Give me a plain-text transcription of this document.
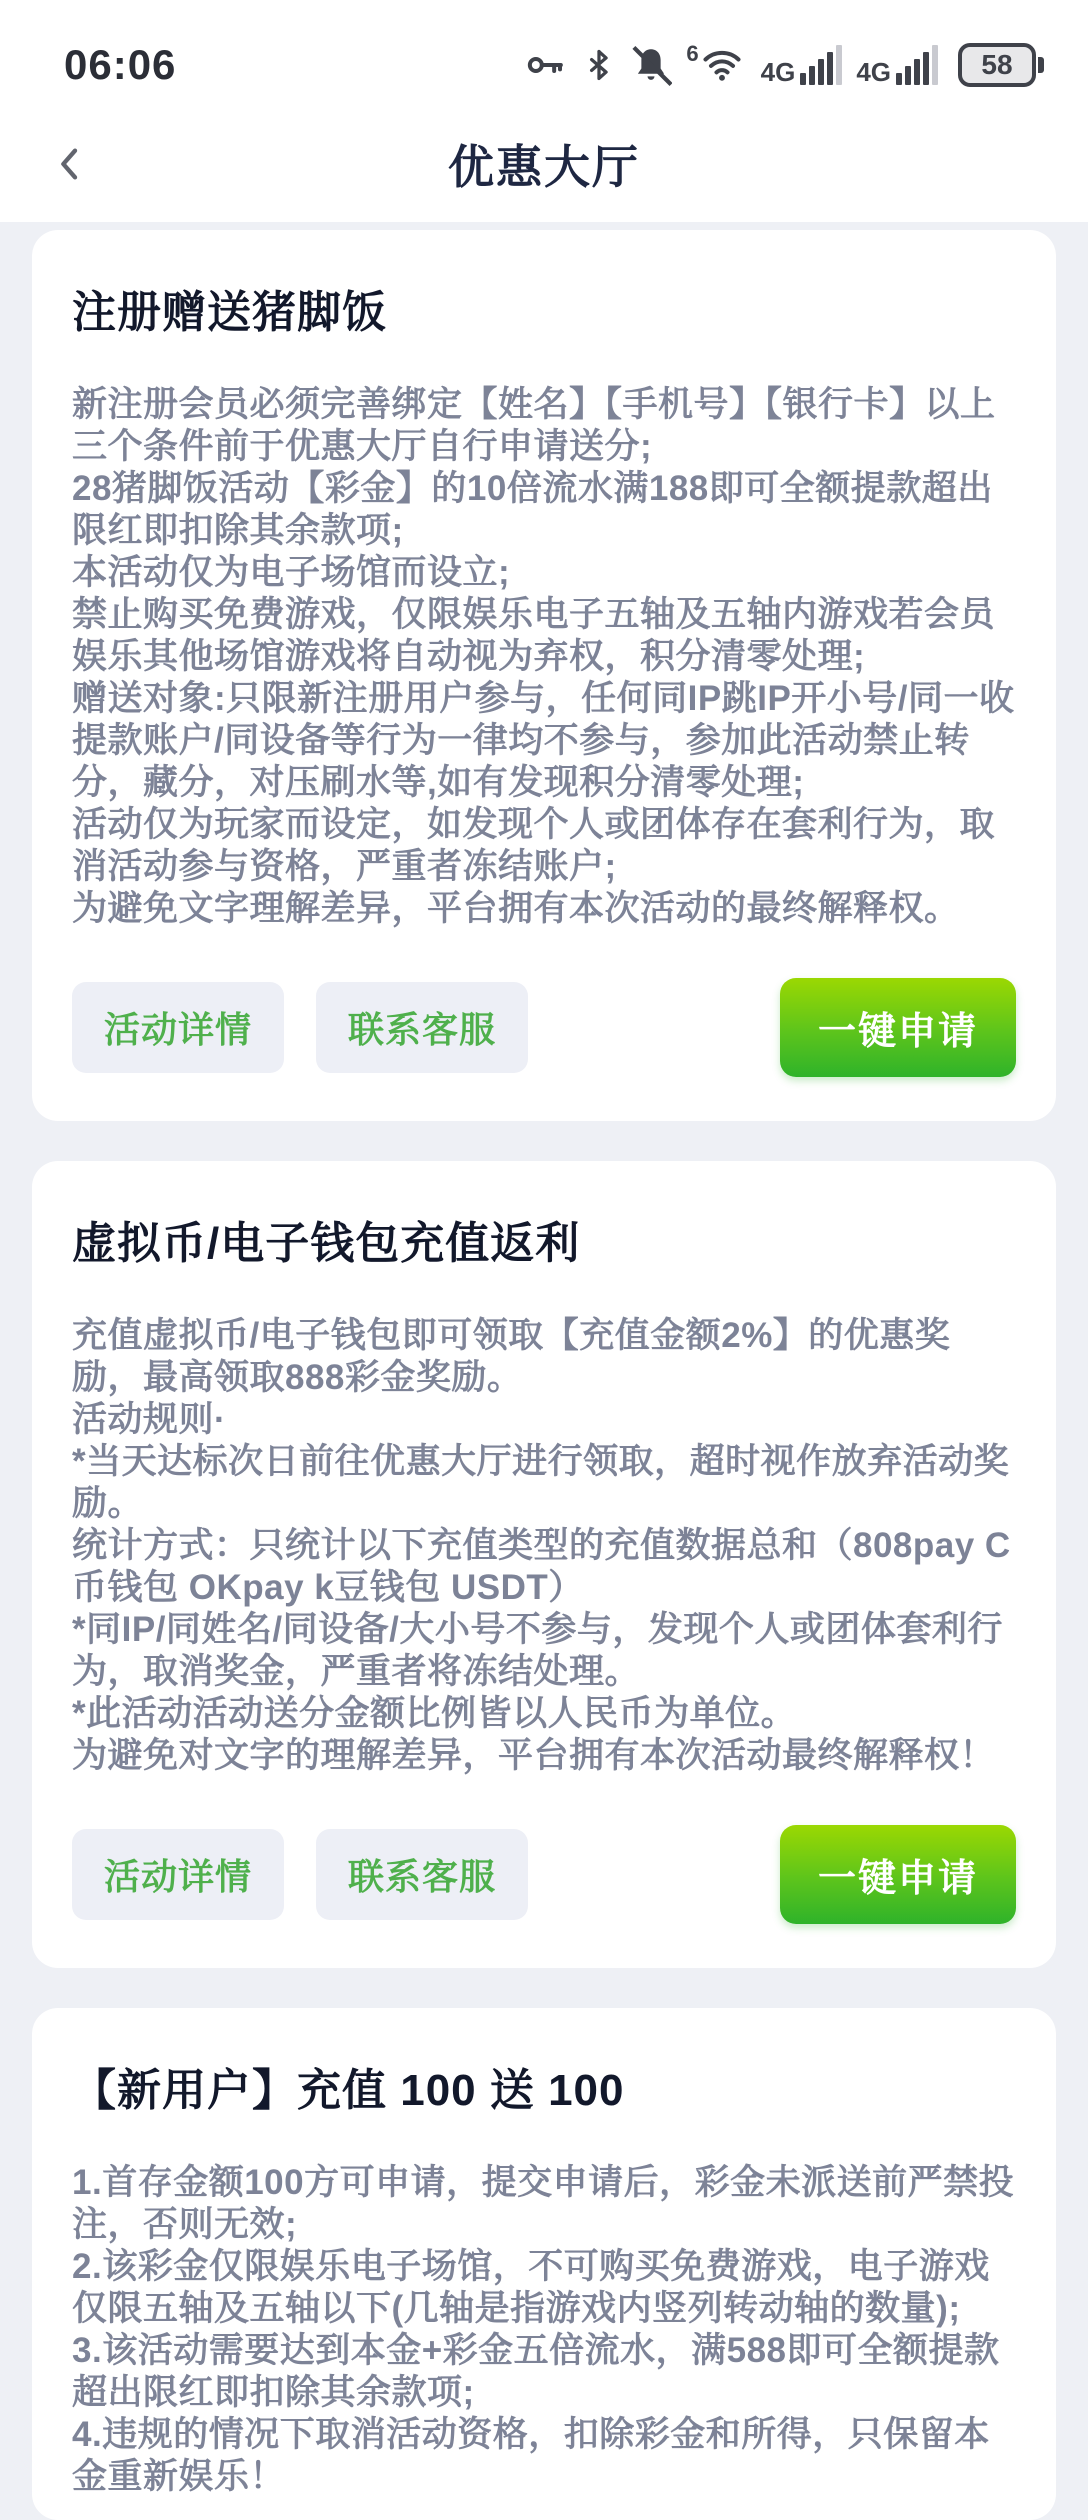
06:06	6
4G 4G	58
优惠大厅
注册赠送猪脚饭

新注册会员必须完善绑定【姓名】【手机号】【银行卡】以上三个条件前于优惠大厅自行申请送分;

28猪脚饭活动【彩金】的10倍流水满188即可全额提款超出限红即扣除其余款项;

本活动仅为电子场馆而设立;

禁止购买免费游戏，仅限娱乐电子五轴及五轴内游戏若会员娱乐其他场馆游戏将自动视为弃权，积分清零处理;

赠送对象:只限新注册用户参与，任何同IP跳IP开小号/同一收提款账户/同设备等行为一律均不参与，参加此活动禁止转分，藏分，对压刷水等,如有发现积分清零处理;

活动仅为玩家而设定，如发现个人或团体存在套利行为，取消活动参与资格，严重者冻结账户;

为避免文字理解差异，平台拥有本次活动的最终解释权。

活动详情	联系客服	一键申请
虚拟币/电子钱包充值返利

充值虚拟币/电子钱包即可领取【充值金额2%】的优惠奖励，最高领取888彩金奖励。

活动规则·

*当天达标次日前往优惠大厅进行领取，超时视作放弃活动奖励。

统计方式：只统计以下充值类型的充值数据总和（808pay C币钱包 OKpay k豆钱包 USDT）

*同IP/同姓名/同设备/大小号不参与，发现个人或团体套利行为，取消奖金，严重者将冻结处理。

*此活动活动送分金额比例皆以人民币为单位。

为避免对文字的理解差异，平台拥有本次活动最终解释权！

活动详情	联系客服	一键申请
【新用户】充值 100 送 100

1.首存金额100方可申请，提交申请后，彩金未派送前严禁投注，否则无效;

2.该彩金仅限娱乐电子场馆，不可购买免费游戏，电子游戏仅限五轴及五轴以下(几轴是指游戏内竖列转动轴的数量);

3.该活动需要达到本金+彩金五倍流水，满588即可全额提款超出限红即扣除其余款项;

4.违规的情况下取消活动资格，扣除彩金和所得，只保留本金重新娱乐！
